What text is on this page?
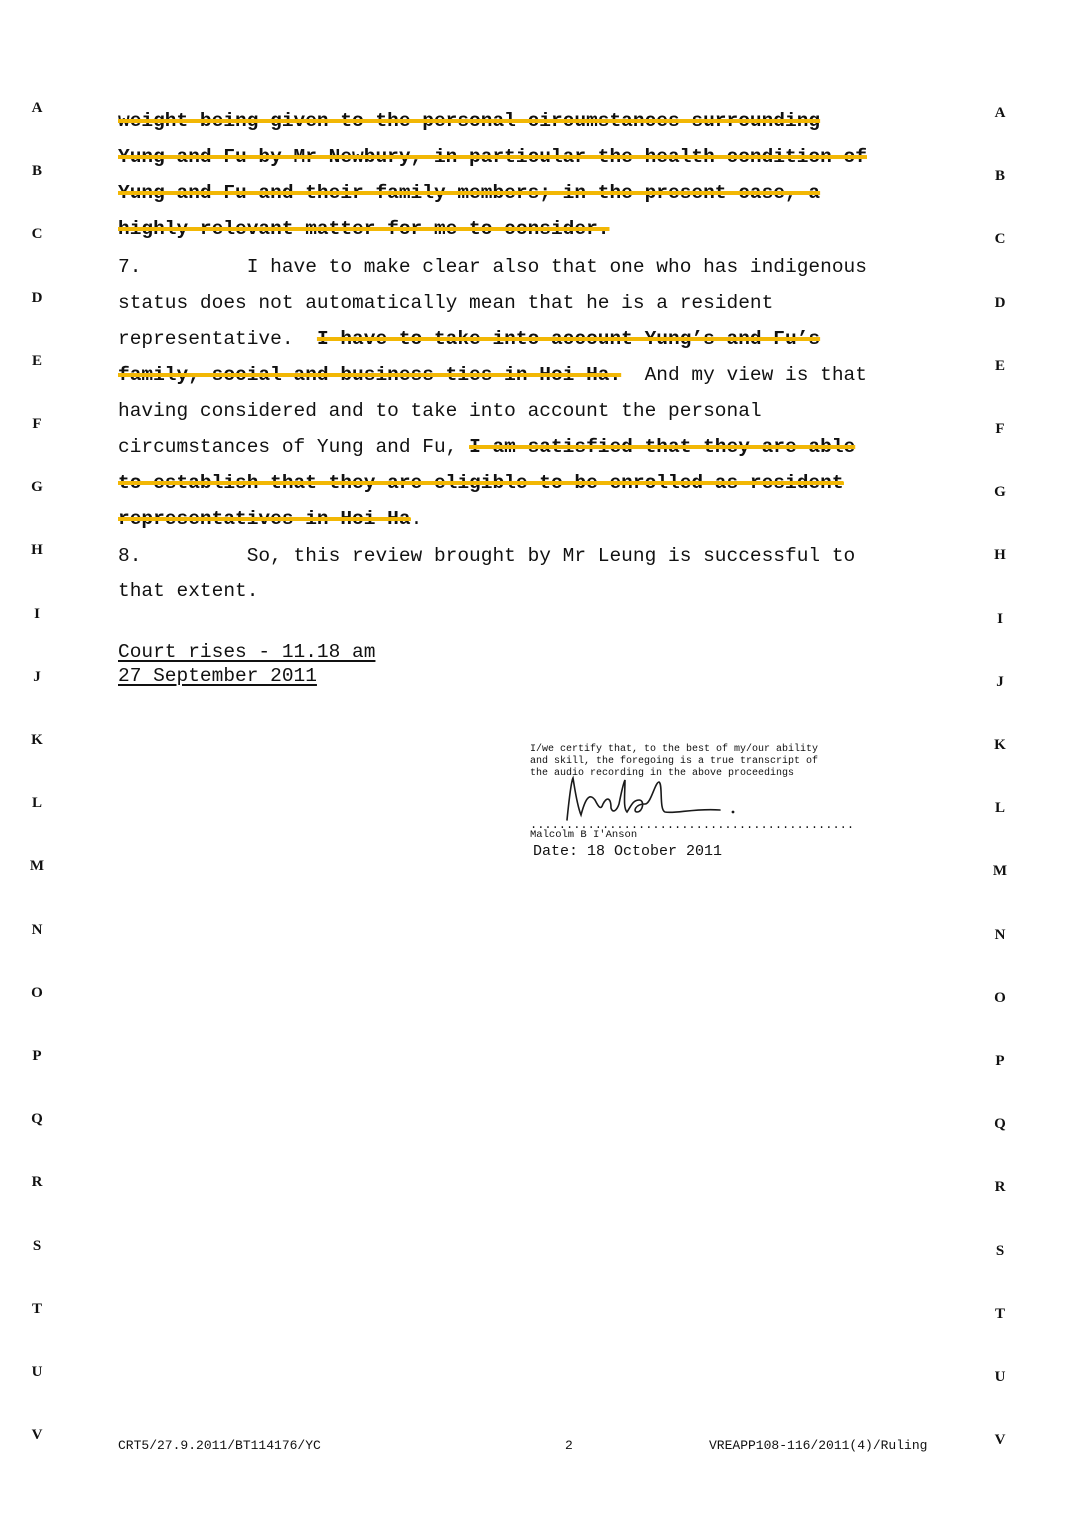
weight being given to the personal circumstances surrounding
Yung and Fu by Mr Newbury, in particular the health condition of
Yung and Fu and their family members; in the present case, a
highly relevant matter for me to consider.
7.         I have to make clear also that one who has indigenous
status does not automatically mean that he is a resident
representative.  I have to take into account Yung’s and Fu’s
family, social and business ties in Hoi Ha.  And my view is that
having considered and to take into account the personal
circumstances of Yung and Fu, I am satisfied that they are able
to establish that they are eligible to be enrolled as resident
representatives in Hoi Ha.
8.         So, this review brought by Mr Leung is successful to
that extent.
Court rises - 11.18 am
27 September 2011
I/we certify that, to the best of my/our ability
and skill, the foregoing is a true transcript of
the audio recording in the above proceedings
.............................................
Malcolm B I'Anson
Date: 18 October 2011
CRT5/27.9.2011/BT114176/YC	2	VREAPP108-116/2011(4)/Ruling
A	A
B	B
C	C
D	D
E	E
F	F
G	G
H	H
I	I
J	J
K	K
L	L
M	M
N	N
O	O
P	P
Q	Q
R	R
S	S
T	T
U	U
V	V
